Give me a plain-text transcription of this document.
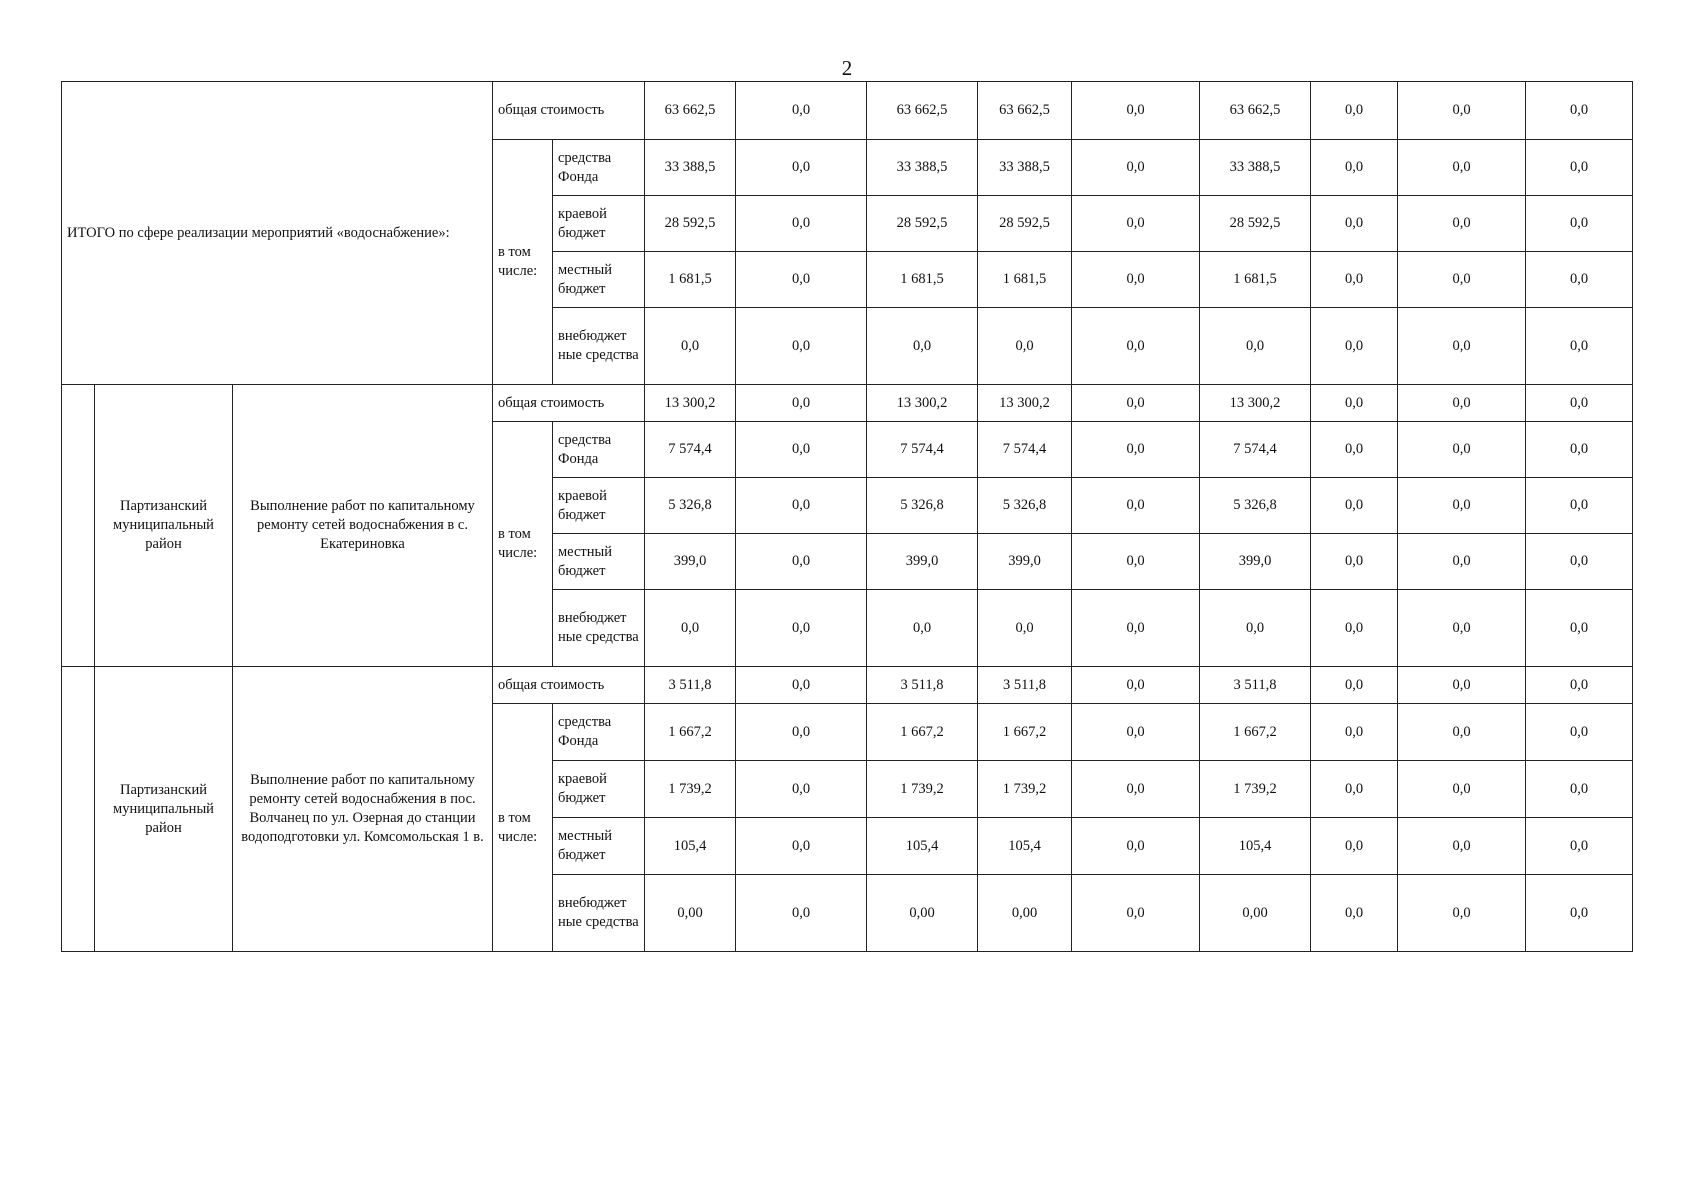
2
ИТОГО по сфере реализации мероприятий «водоснабжение»:			общая стоимость		63 662,5	0,0	63 662,5	63 662,5	0,0	63 662,5	0,0	0,0	0,0
			в том числе:	средства Фонда	33 388,5	0,0	33 388,5	33 388,5	0,0	33 388,5	0,0	0,0	0,0
				краевой бюджет	28 592,5	0,0	28 592,5	28 592,5	0,0	28 592,5	0,0	0,0	0,0
				местный бюджет	1 681,5	0,0	1 681,5	1 681,5	0,0	1 681,5	0,0	0,0	0,0
				внебюджет ные средства	0,0	0,0	0,0	0,0	0,0	0,0	0,0	0,0	0,0
	Партизанский муниципальный район	Выполнение работ по капитальному ремонту сетей водоснабжения в с. Екатериновка	общая стоимость		13 300,2	0,0	13 300,2	13 300,2	0,0	13 300,2	0,0	0,0	0,0
			в том числе:	средства Фонда	7 574,4	0,0	7 574,4	7 574,4	0,0	7 574,4	0,0	0,0	0,0
				краевой бюджет	5 326,8	0,0	5 326,8	5 326,8	0,0	5 326,8	0,0	0,0	0,0
				местный бюджет	399,0	0,0	399,0	399,0	0,0	399,0	0,0	0,0	0,0
				внебюджет ные средства	0,0	0,0	0,0	0,0	0,0	0,0	0,0	0,0	0,0
	Партизанский муниципальный район	Выполнение работ по капитальному ремонту сетей водоснабжения в пос. Волчанец по ул. Озерная до станции водоподготовки ул. Комсомольская 1 в.	общая стоимость		3 511,8	0,0	3 511,8	3 511,8	0,0	3 511,8	0,0	0,0	0,0
			в том числе:	средства Фонда	1 667,2	0,0	1 667,2	1 667,2	0,0	1 667,2	0,0	0,0	0,0
				краевой бюджет	1 739,2	0,0	1 739,2	1 739,2	0,0	1 739,2	0,0	0,0	0,0
				местный бюджет	105,4	0,0	105,4	105,4	0,0	105,4	0,0	0,0	0,0
				внебюджет ные средства	0,00	0,0	0,00	0,00	0,0	0,00	0,0	0,0	0,0
